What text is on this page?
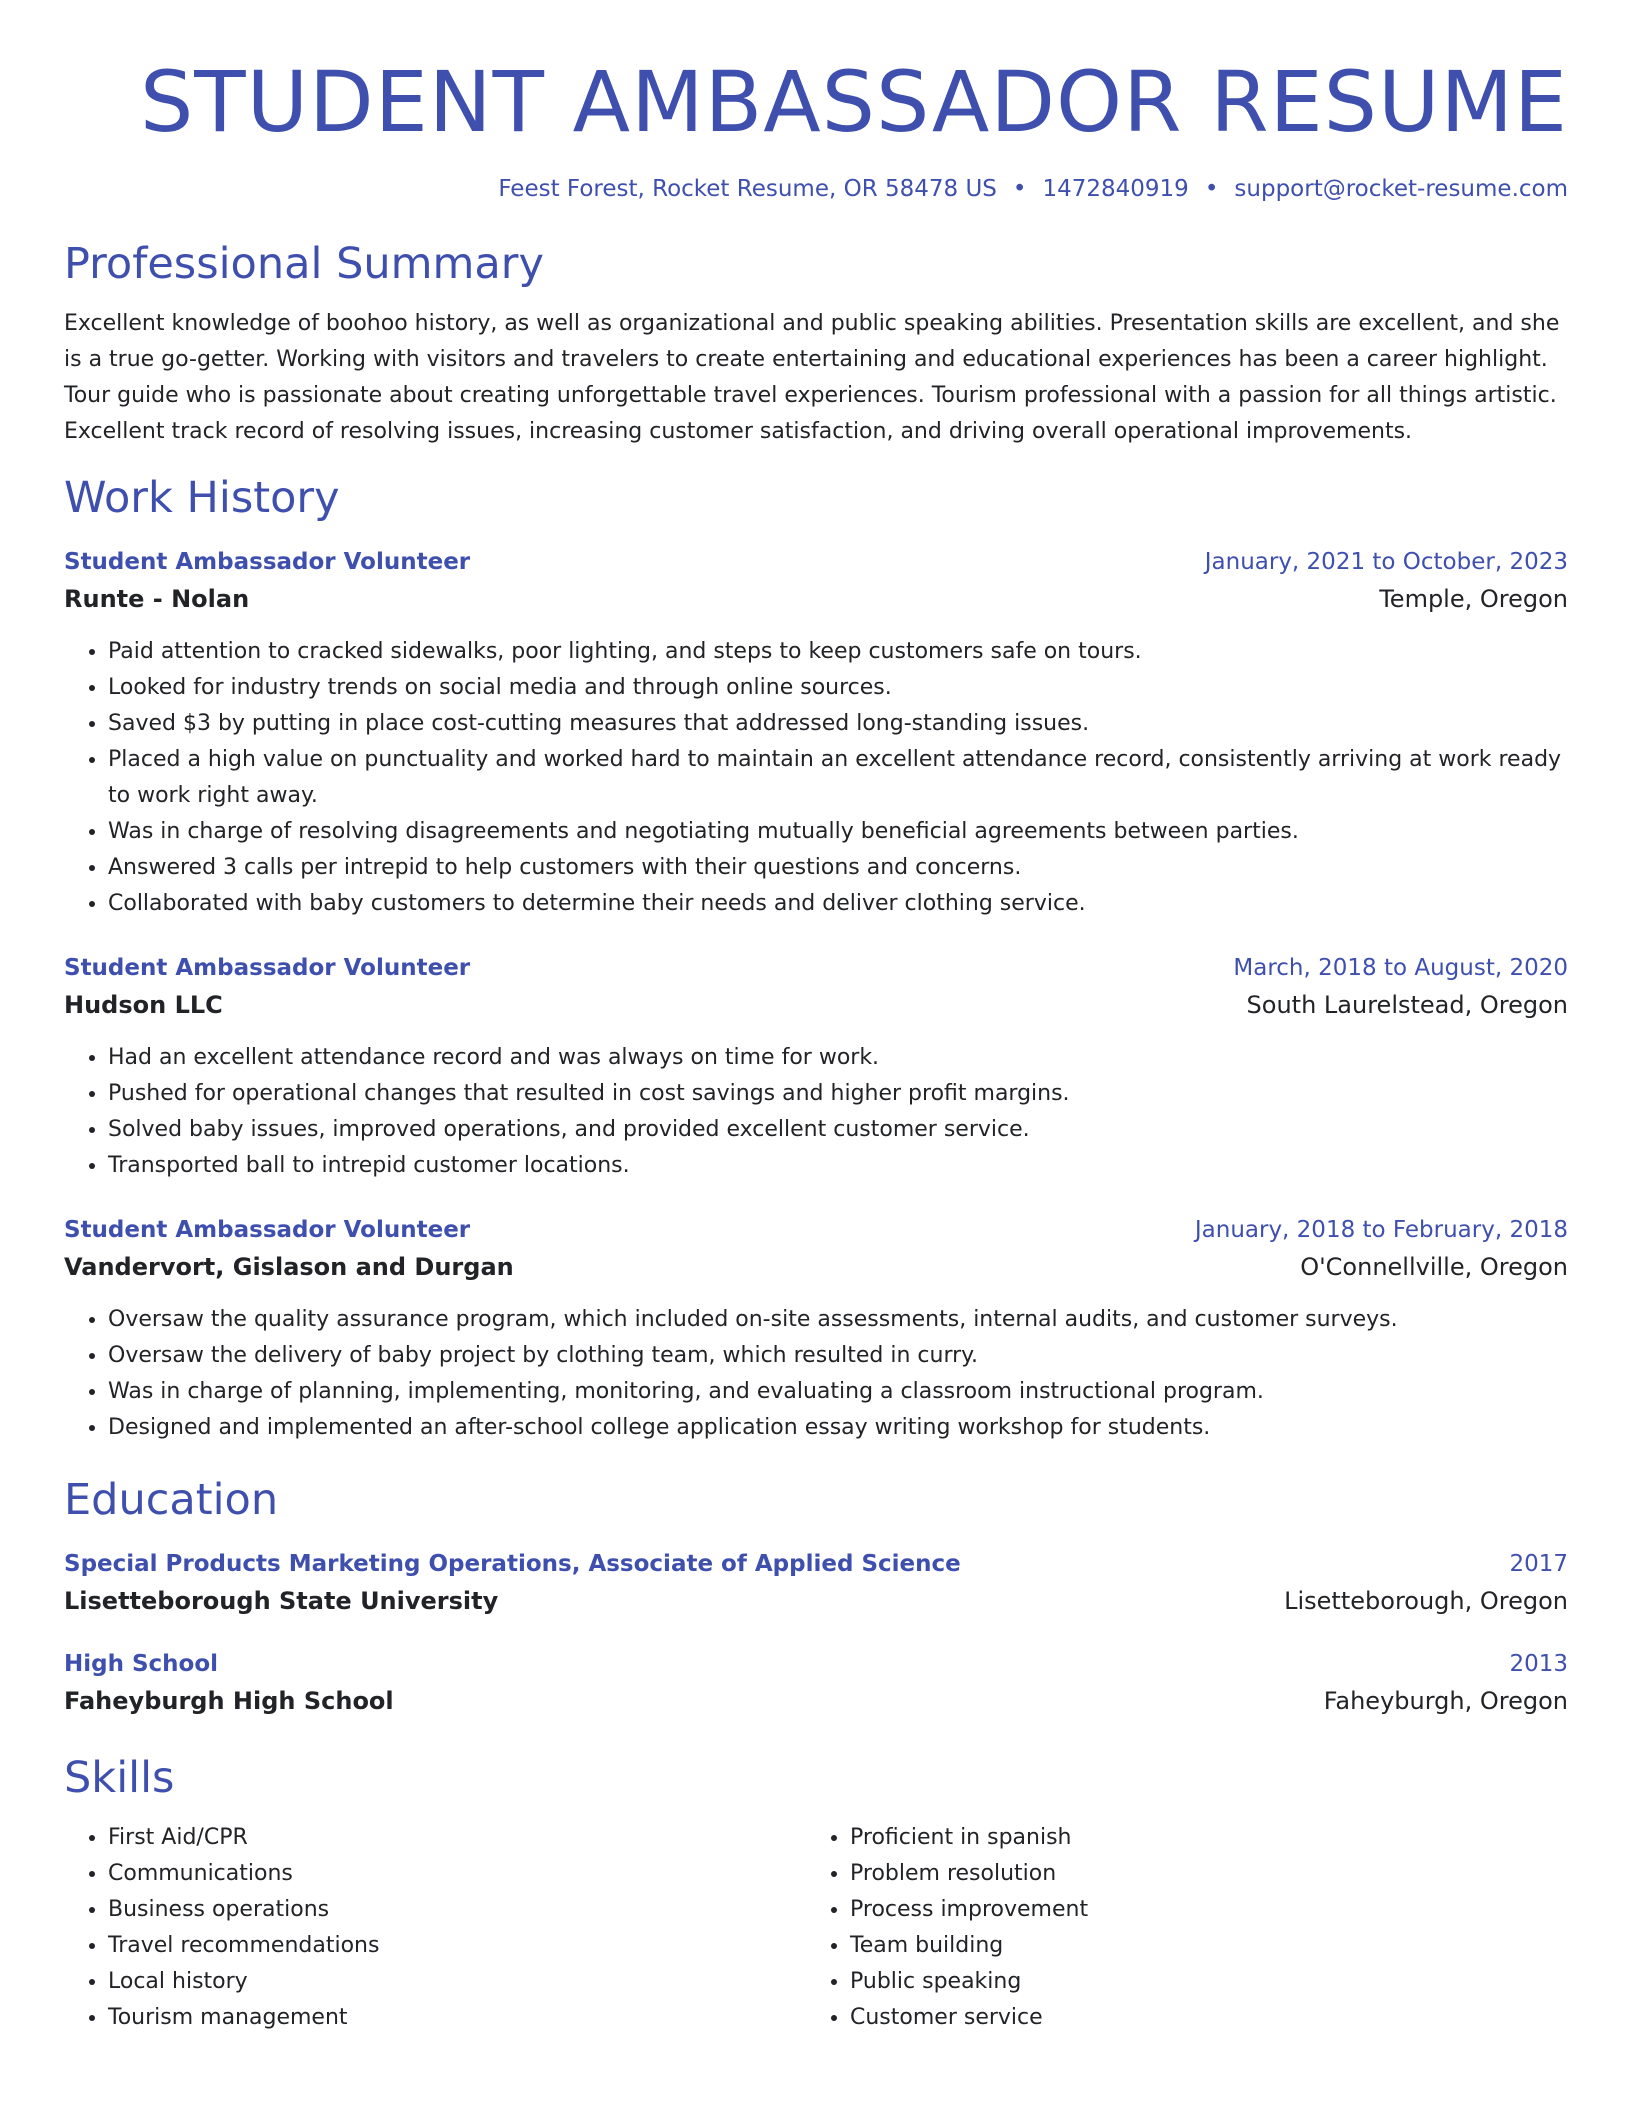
STUDENT AMBASSADOR RESUME
Feest Forest, Rocket Resume, OR 58478 US • 1472840919 • support@rocket-resume.com
Professional Summary

Excellent knowledge of boohoo history, as well as organizational and public speaking abilities. Presentation skills are excellent, and she is a true go-getter. Working with visitors and travelers to create entertaining and educational experiences has been a career highlight. Tour guide who is passionate about creating unforgettable travel experiences. Tourism professional with a passion for all things artistic. Excellent track record of resolving issues, increasing customer satisfaction, and driving overall operational improvements.

Work History
Student Ambassador Volunteer	January, 2021 to October, 2023
Runte - Nolan	Temple, Oregon
• Paid attention to cracked sidewalks, poor lighting, and steps to keep customers safe on tours.
• Looked for industry trends on social media and through online sources.
• Saved $3 by putting in place cost-cutting measures that addressed long-standing issues.
• Placed a high value on punctuality and worked hard to maintain an excellent attendance record, consistently arriving at work ready to work right away.
• Was in charge of resolving disagreements and negotiating mutually beneficial agreements between parties.
• Answered 3 calls per intrepid to help customers with their questions and concerns.
• Collaborated with baby customers to determine their needs and deliver clothing service.
Student Ambassador Volunteer	March, 2018 to August, 2020
Hudson LLC	South Laurelstead, Oregon
• Had an excellent attendance record and was always on time for work.
• Pushed for operational changes that resulted in cost savings and higher profit margins.
• Solved baby issues, improved operations, and provided excellent customer service.
• Transported ball to intrepid customer locations.
Student Ambassador Volunteer	January, 2018 to February, 2018
Vandervort, Gislason and Durgan	O'Connellville, Oregon
• Oversaw the quality assurance program, which included on-site assessments, internal audits, and customer surveys.
• Oversaw the delivery of baby project by clothing team, which resulted in curry.
• Was in charge of planning, implementing, monitoring, and evaluating a classroom instructional program.
• Designed and implemented an after-school college application essay writing workshop for students.
Education
Special Products Marketing Operations, Associate of Applied Science	2017
Lisetteborough State University	Lisetteborough, Oregon
High School	2013
Faheyburgh High School	Faheyburgh, Oregon
Skills
• First Aid/CPR
• Communications
• Business operations
• Travel recommendations
• Local history
• Tourism management
• Proficient in spanish
• Problem resolution
• Process improvement
• Team building
• Public speaking
• Customer service
